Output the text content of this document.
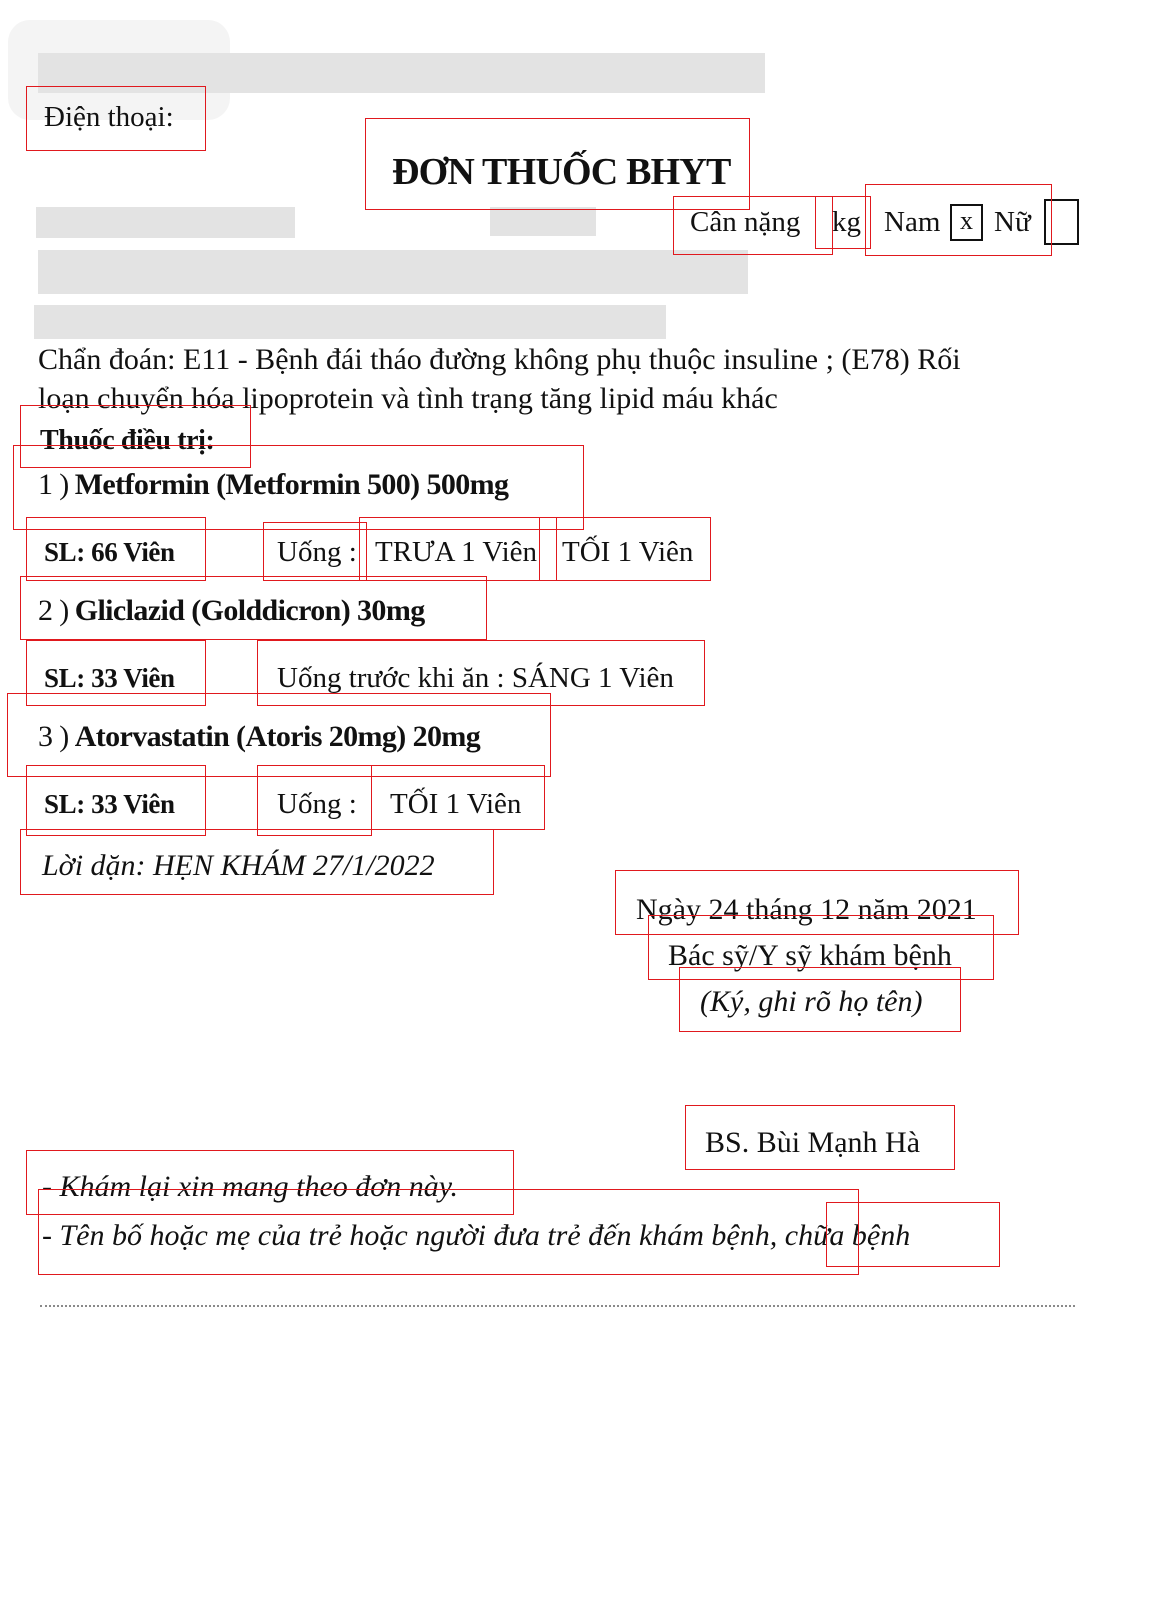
Điện thoại:
ĐƠN THUỐC BHYT
Cân nặng kg Nam x Nữ
Chẩn đoán: E11 - Bệnh đái tháo đường không phụ thuộc insuline ; (E78) Rối
loạn chuyển hóa lipoprotein và tình trạng tăng lipid máu khác
Thuốc điều trị:
1 ) Metformin (Metformin 500) 500mg
SL: 66 Viên	Uống : TRƯA 1 Viên TỐI 1 Viên
2 ) Gliclazid (Golddicron) 30mg
SL: 33 Viên	Uống trước khi ăn : SÁNG 1 Viên
3 ) Atorvastatin (Atoris 20mg) 20mg
SL: 33 Viên	Uống : TỐI 1 Viên
Lời dặn: HẸN KHÁM 27/1/2022
Ngày 24 tháng 12 năm 2021
Bác sỹ/Y sỹ khám bệnh
(Ký, ghi rõ họ tên)
BS. Bùi Mạnh Hà
- Khám lại xin mang theo đơn này.
- Tên bố hoặc mẹ của trẻ hoặc người đưa trẻ đến khám bệnh, chữa bệnh
